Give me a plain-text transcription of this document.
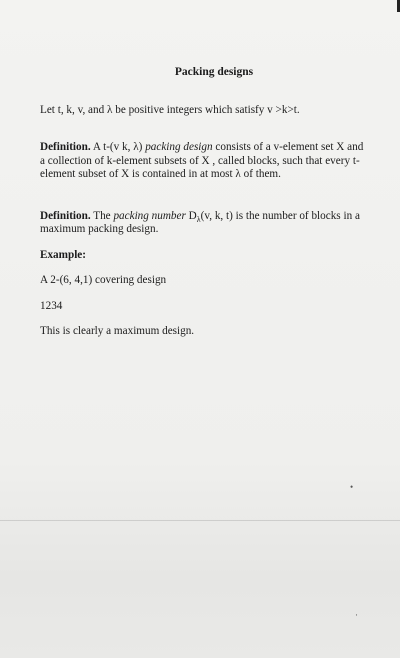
Packing designs

Let t, k, v, and λ be positive integers which satisfy v >k>t.

Definition. A t-(v k, λ) packing design consists of a v-element set X and a collection of k-element subsets of X , called blocks, such that every t-element subset of X is contained in at most λ of them.

Definition. The packing number $D_\lambda(v$, k, t) is the number of blocks in a maximum packing design.

Example:

A 2-(6, 4,1) covering design

1234

This is clearly a maximum design.

•
·
